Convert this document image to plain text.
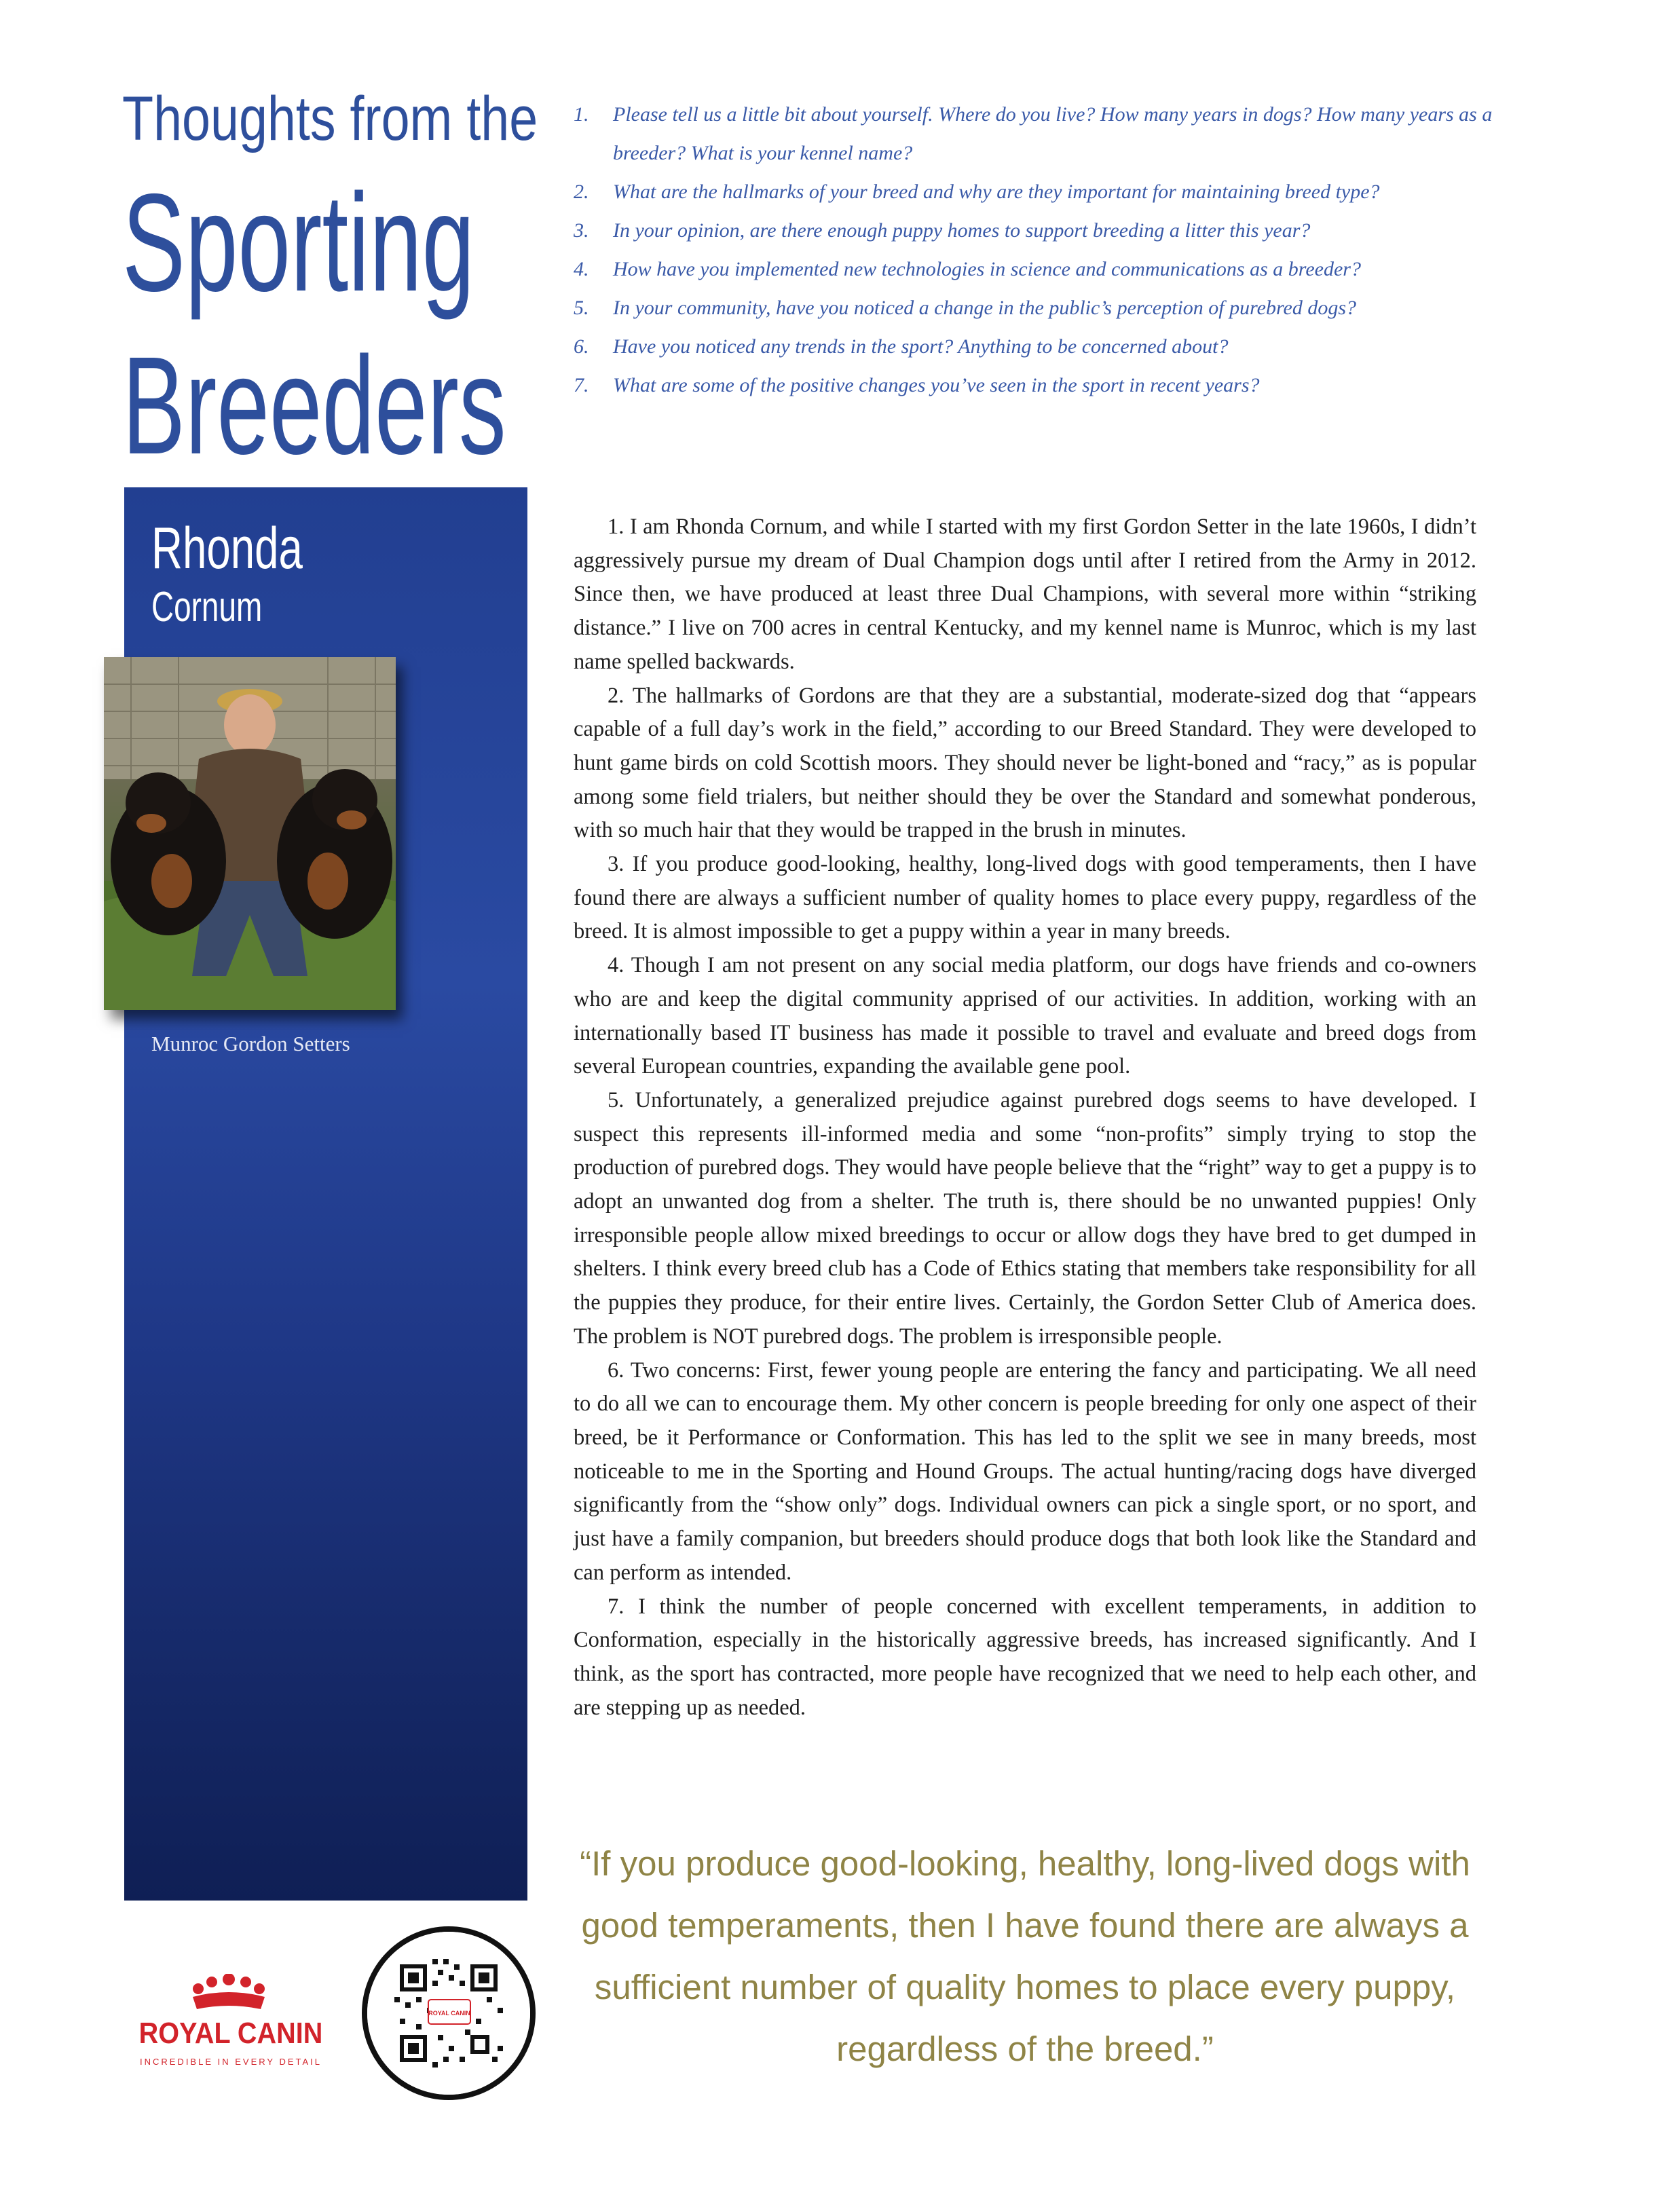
Thoughts from the
Sporting
Breeders
1.	Please tell us a little bit about yourself. Where do you live? How many years in dogs? How many years as a breeder? What is your kennel name?
2.	What are the hallmarks of your breed and why are they important for maintaining breed type?
3.	In your opinion, are there enough puppy homes to support breeding a litter this year?
4.	How have you implemented new technologies in science and communications as a breeder?
5.	In your community, have you noticed a change in the public’s perception of purebred dogs?
6.	Have you noticed any trends in the sport? Anything to be concerned about?
7.	What are some of the positive changes you’ve seen in the sport in recent years?
Rhonda
Cornum
Munroc Gordon Setters

1. I am Rhonda Cornum, and while I started with my first Gordon Setter in the late 1960s, I didn’t aggressively pursue my dream of Dual Champion dogs until after I retired from the Army in 2012. Since then, we have produced at least three Dual Champions, with several more within “striking distance.” I live on 700 acres in central Kentucky, and my kennel name is Munroc, which is my last name spelled backwards.

2. The hallmarks of Gordons are that they are a substantial, moderate-sized dog that “appears capable of a full day’s work in the field,” according to our Breed Standard. They were developed to hunt game birds on cold Scottish moors. They should never be light-boned and “racy,” as is popular among some field trialers, but neither should they be over the Standard and somewhat ponderous, with so much hair that they would be trapped in the brush in minutes.

3. If you produce good-looking, healthy, long-lived dogs with good temperaments, then I have found there are always a sufficient number of quality homes to place every puppy, regardless of the breed. It is almost impossible to get a puppy within a year in many breeds.

4. Though I am not present on any social media platform, our dogs have friends and co-owners who are and keep the digital community apprised of our activities. In addition, working with an internationally based IT business has made it possible to travel and evaluate and breed dogs from several European countries, expanding the available gene pool.

5. Unfortunately, a generalized prejudice against purebred dogs seems to have developed. I suspect this represents ill-informed media and some “non-profits” simply trying to stop the production of purebred dogs. They would have people believe that the “right” way to get a puppy is to adopt an unwanted dog from a shelter. The truth is, there should be no unwanted puppies! Only irresponsible people allow mixed breedings to occur or allow dogs they have bred to get dumped in shelters. I think every breed club has a Code of Ethics stating that members take responsibility for all the puppies they produce, for their entire lives. Certainly, the Gordon Setter Club of America does. The problem is NOT purebred dogs. The problem is irresponsible people.

6. Two concerns: First, fewer young people are entering the fancy and participating. We all need to do all we can to encourage them. My other concern is people breeding for only one aspect of their breed, be it Performance or Conformation. This has led to the split we see in many breeds, most noticeable to me in the Sporting and Hound Groups. The actual hunting/racing dogs have diverged significantly from the “show only” dogs. Individual owners can pick a single sport, or no sport, and just have a family companion, but breeders should produce dogs that both look like the Standard and can perform as intended.

7. I think the number of people concerned with excellent temperaments, in addition to Conformation, especially in the historically aggressive breeds, has increased significantly. And I think, as the sport has contracted, more people have recognized that we need to help each other, and are stepping up as needed.

“If you produce good-looking, healthy, long-lived dogs with good temperaments, then I have found there are always a sufficient number of quality homes to place every puppy, regardless of the breed.”
ROYAL CANIN
INCREDIBLE IN EVERY DETAIL
ROYAL CANIN
